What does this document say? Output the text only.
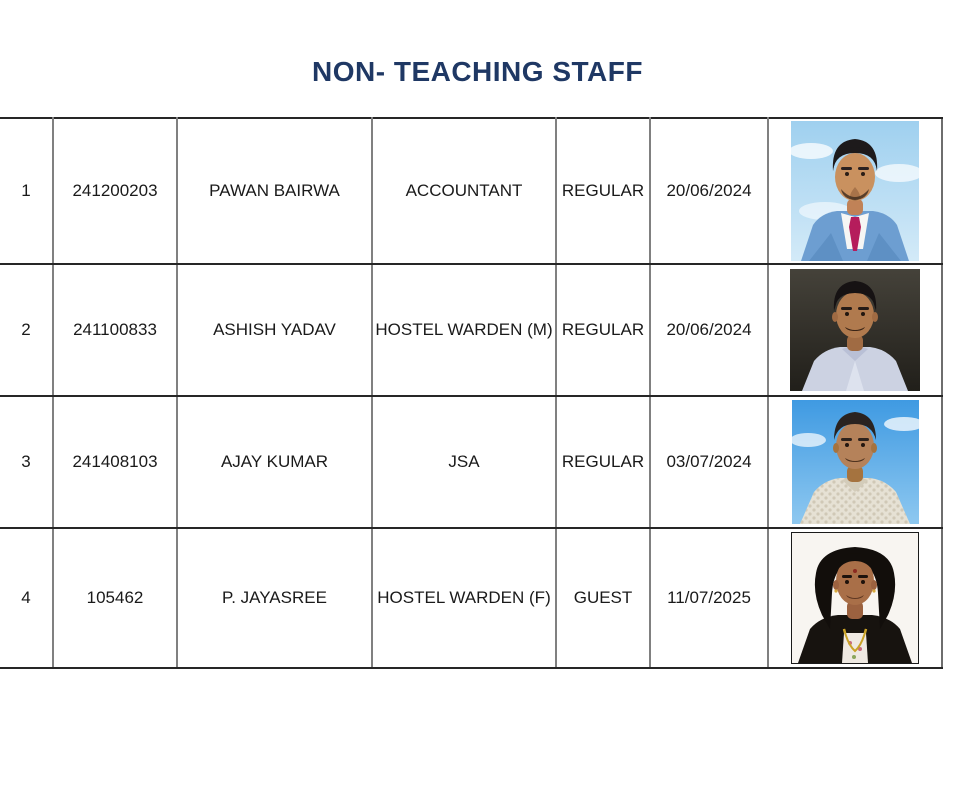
NON- TEACHING STAFF
1	241200203	PAWAN BAIRWA	ACCOUNTANT	REGULAR	20/06/2024	
2	241100833	ASHISH YADAV	HOSTEL WARDEN (M)	REGULAR	20/06/2024	
3	241408103	AJAY KUMAR	JSA	REGULAR	03/07/2024	
4	105462	P. JAYASREE	HOSTEL WARDEN (F)	GUEST	11/07/2025	
